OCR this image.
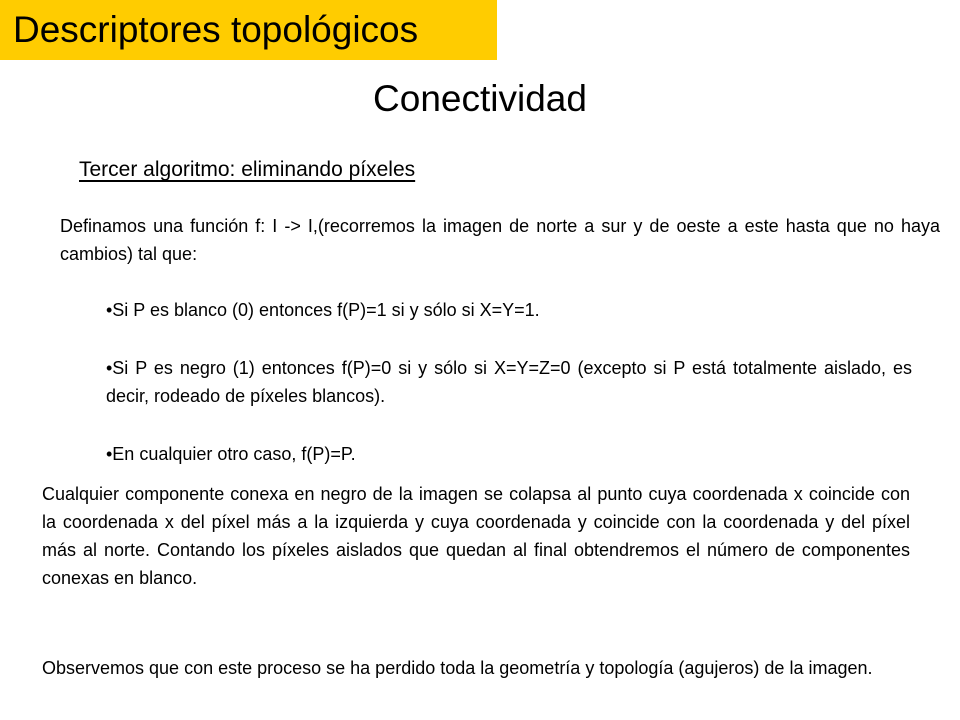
Descriptores topológicos
Conectividad
Tercer algoritmo: eliminando píxeles
Definamos una función f: I -> I,(recorremos la imagen de norte a sur y de oeste a este hasta que no haya cambios) tal que:
•Si P es blanco (0) entonces f(P)=1 si y sólo si X=Y=1.
•Si P es negro (1) entonces f(P)=0 si y sólo si X=Y=Z=0 (excepto si P está totalmente aislado, es decir, rodeado de píxeles blancos).
•En cualquier otro caso, f(P)=P.
Cualquier componente conexa en negro de la imagen se colapsa al punto cuya coordenada x coincide con la coordenada x del píxel más a la izquierda y cuya coordenada y coincide con la coordenada y del píxel más al norte. Contando los píxeles aislados que quedan al final obtendremos el número de componentes conexas en blanco.
Observemos que con este proceso se ha perdido toda la geometría y topología (agujeros) de la imagen.
